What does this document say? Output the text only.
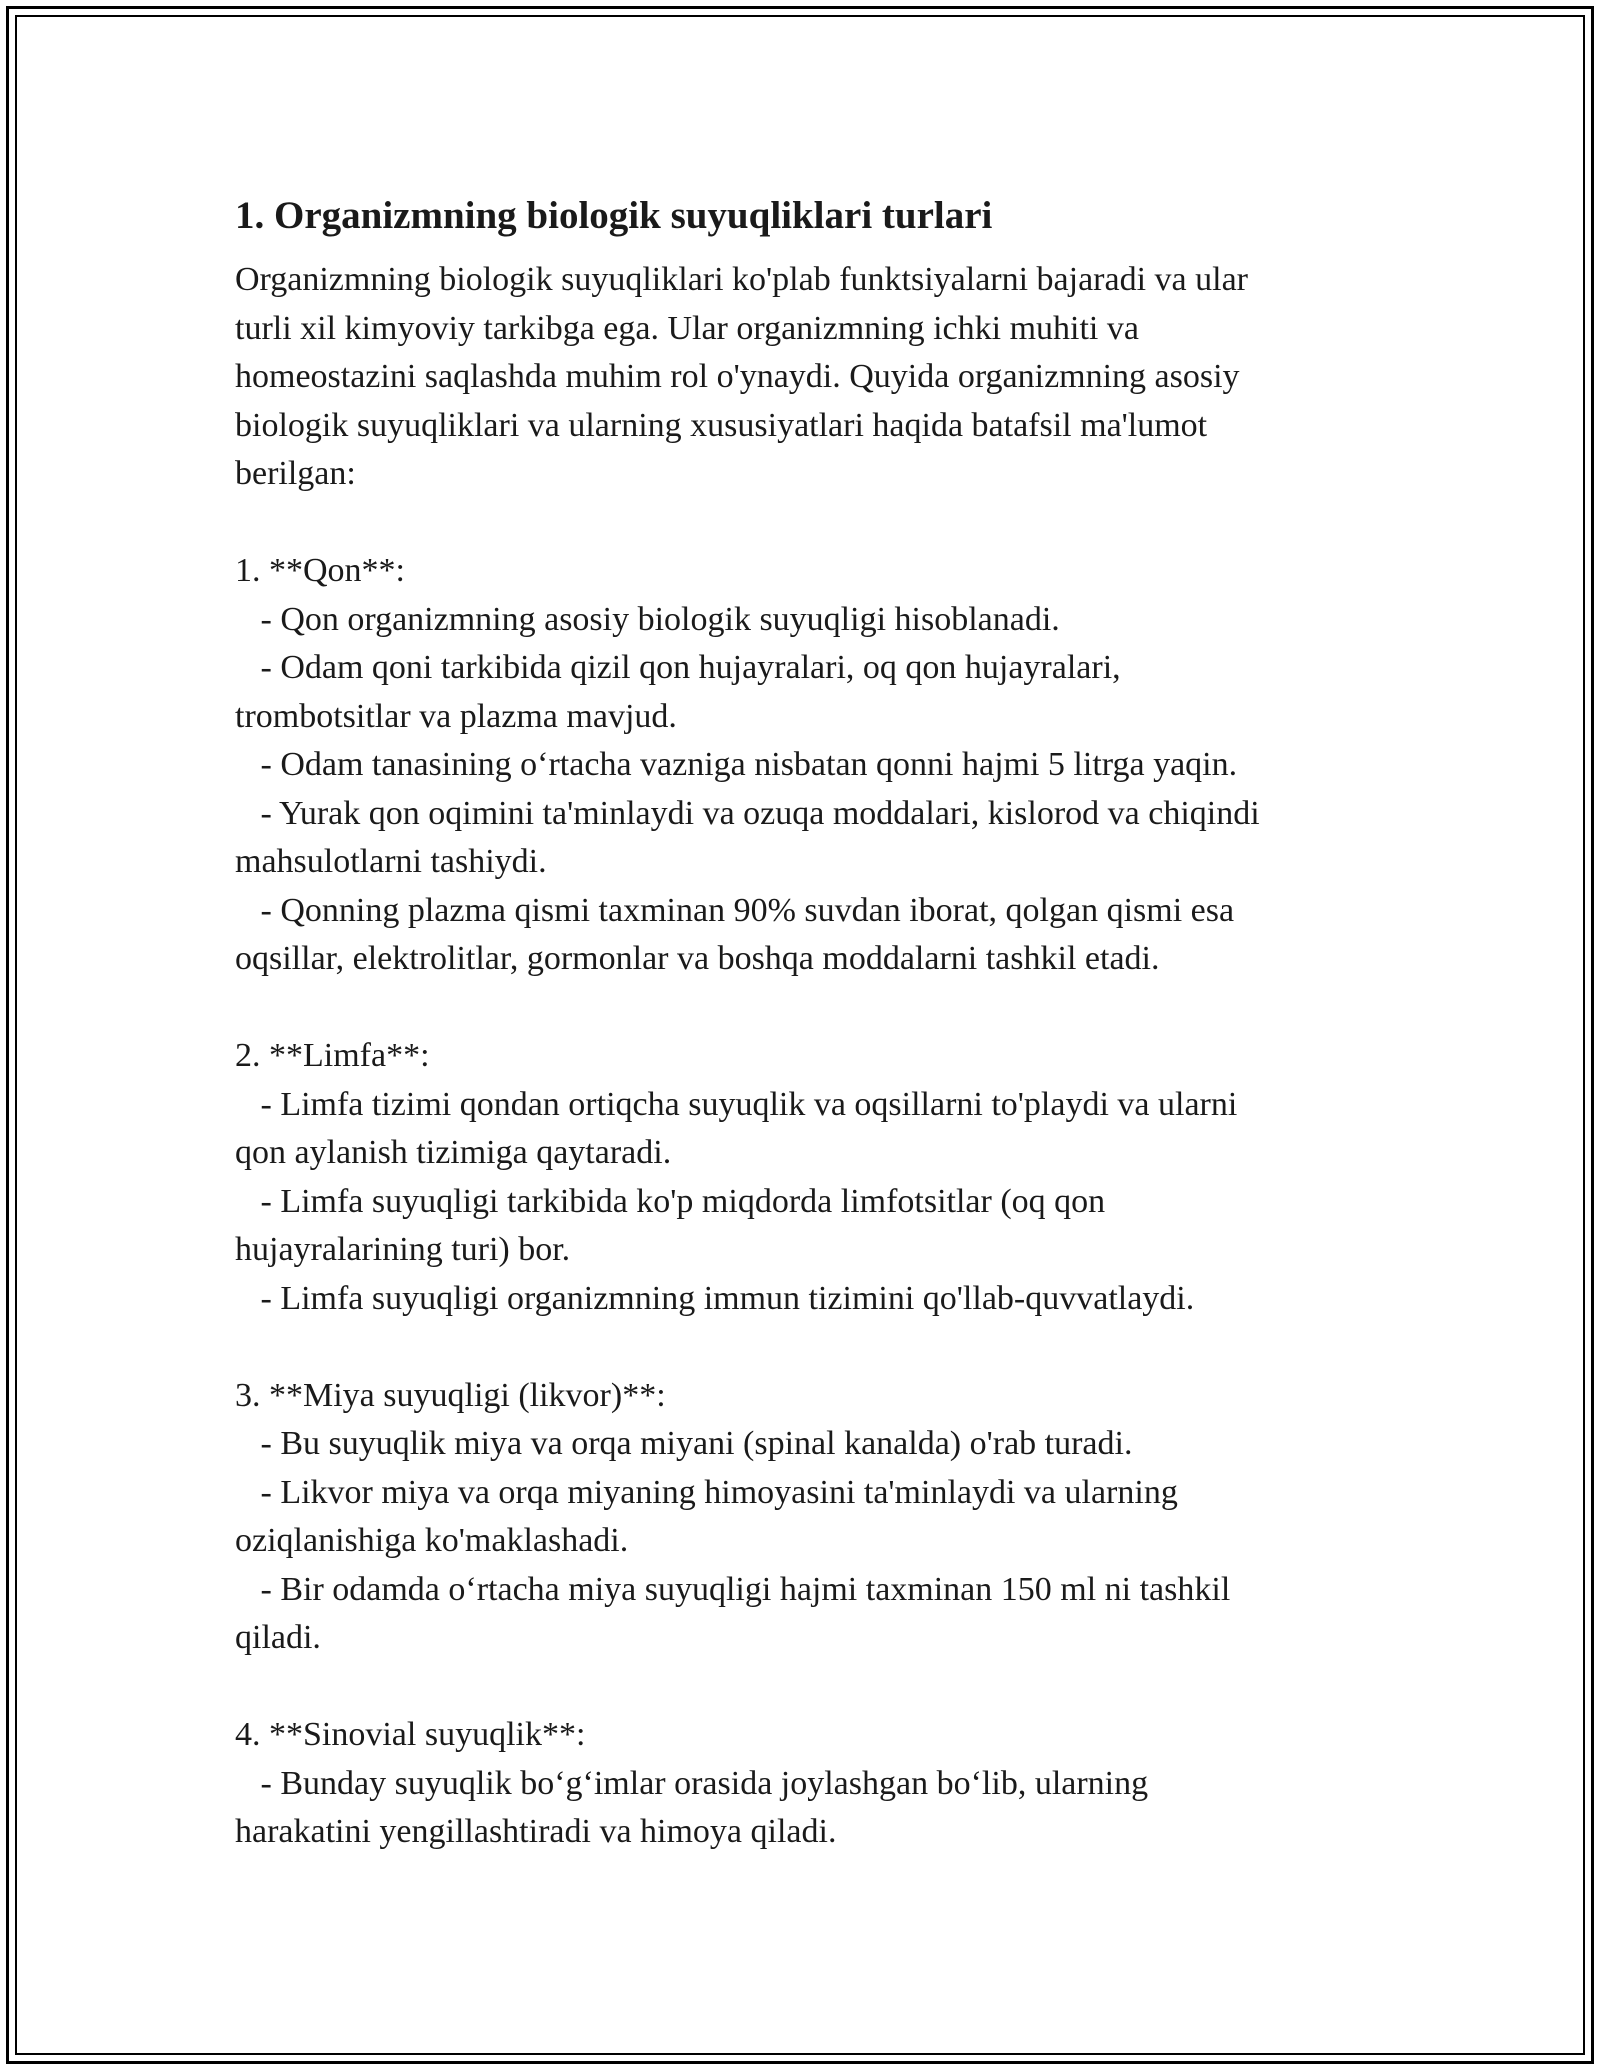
1. Organizmning biologik suyuqliklari turlari

Organizmning biologik suyuqliklari ko'plab funktsiyalarni bajaradi va ular
turli xil kimyoviy tarkibga ega. Ular organizmning ichki muhiti va
homeostazini saqlashda muhim rol o'ynaydi. Quyida organizmning asosiy
biologik suyuqliklari va ularning xususiyatlari haqida batafsil ma'lumot
berilgan:

1. **Qon**:
- Qon organizmning asosiy biologik suyuqligi hisoblanadi.
- Odam qoni tarkibida qizil qon hujayralari, oq qon hujayralari,
trombotsitlar va plazma mavjud.
- Odam tanasining o‘rtacha vazniga nisbatan qonni hajmi 5 litrga yaqin.
- Yurak qon oqimini ta'minlaydi va ozuqa moddalari, kislorod va chiqindi
mahsulotlarni tashiydi.
- Qonning plazma qismi taxminan 90% suvdan iborat, qolgan qismi esa
oqsillar, elektrolitlar, gormonlar va boshqa moddalarni tashkil etadi.

2. **Limfa**:
- Limfa tizimi qondan ortiqcha suyuqlik va oqsillarni to'playdi va ularni
qon aylanish tizimiga qaytaradi.
- Limfa suyuqligi tarkibida ko'p miqdorda limfotsitlar (oq qon
hujayralarining turi) bor.
- Limfa suyuqligi organizmning immun tizimini qo'llab-quvvatlaydi.

3. **Miya suyuqligi (likvor)**:
- Bu suyuqlik miya va orqa miyani (spinal kanalda) o'rab turadi.
- Likvor miya va orqa miyaning himoyasini ta'minlaydi va ularning
oziqlanishiga ko'maklashadi.
- Bir odamda o‘rtacha miya suyuqligi hajmi taxminan 150 ml ni tashkil
qiladi.

4. **Sinovial suyuqlik**:
- Bunday suyuqlik bo‘g‘imlar orasida joylashgan bo‘lib, ularning
harakatini yengillashtiradi va himoya qiladi.
